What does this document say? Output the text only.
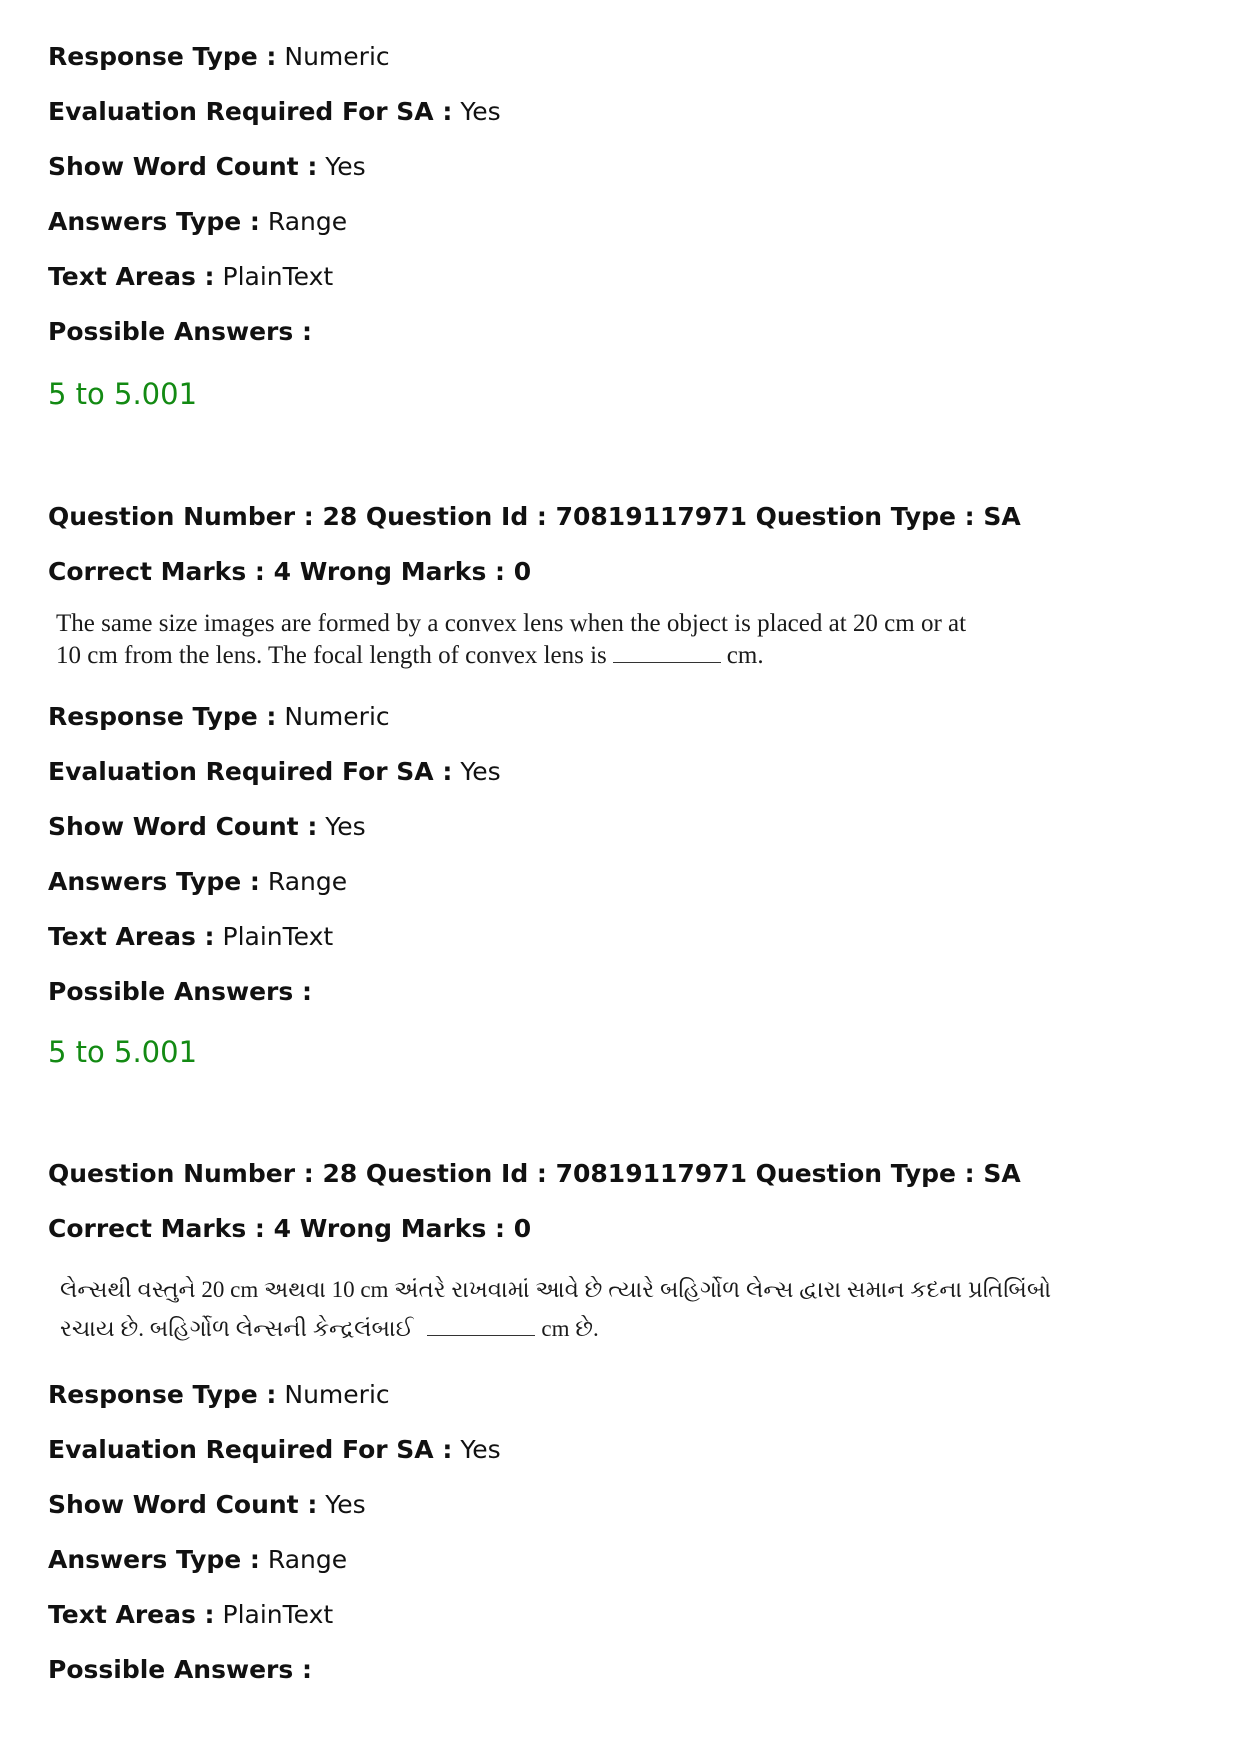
Response Type : Numeric
Evaluation Required For SA : Yes
Show Word Count : Yes
Answers Type : Range
Text Areas : PlainText
Possible Answers :
5 to 5.001
Question Number : 28 Question Id : 70819117971 Question Type : SA
Correct Marks : 4 Wrong Marks : 0
The same size images are formed by a convex lens when the object is placed at 20 cm or at
10 cm from the lens. The focal length of convex lens is	cm.
Response Type : Numeric
Evaluation Required For SA : Yes
Show Word Count : Yes
Answers Type : Range
Text Areas : PlainText
Possible Answers :
5 to 5.001
Question Number : 28 Question Id : 70819117971 Question Type : SA
Correct Marks : 4 Wrong Marks : 0
લેન્સથી વસ્તુને 20 cm અથવા 10 cm અંતરે રાખવામાં આવે છે ત્યારે બહિર્ગોળ લેન્સ દ્વારા સમાન કદના પ્રતિબિંબો
રચાય છે. બહિર્ગોળ લેન્સની કેન્દ્રલંબાઈ	cm છે.
Response Type : Numeric
Evaluation Required For SA : Yes
Show Word Count : Yes
Answers Type : Range
Text Areas : PlainText
Possible Answers :
